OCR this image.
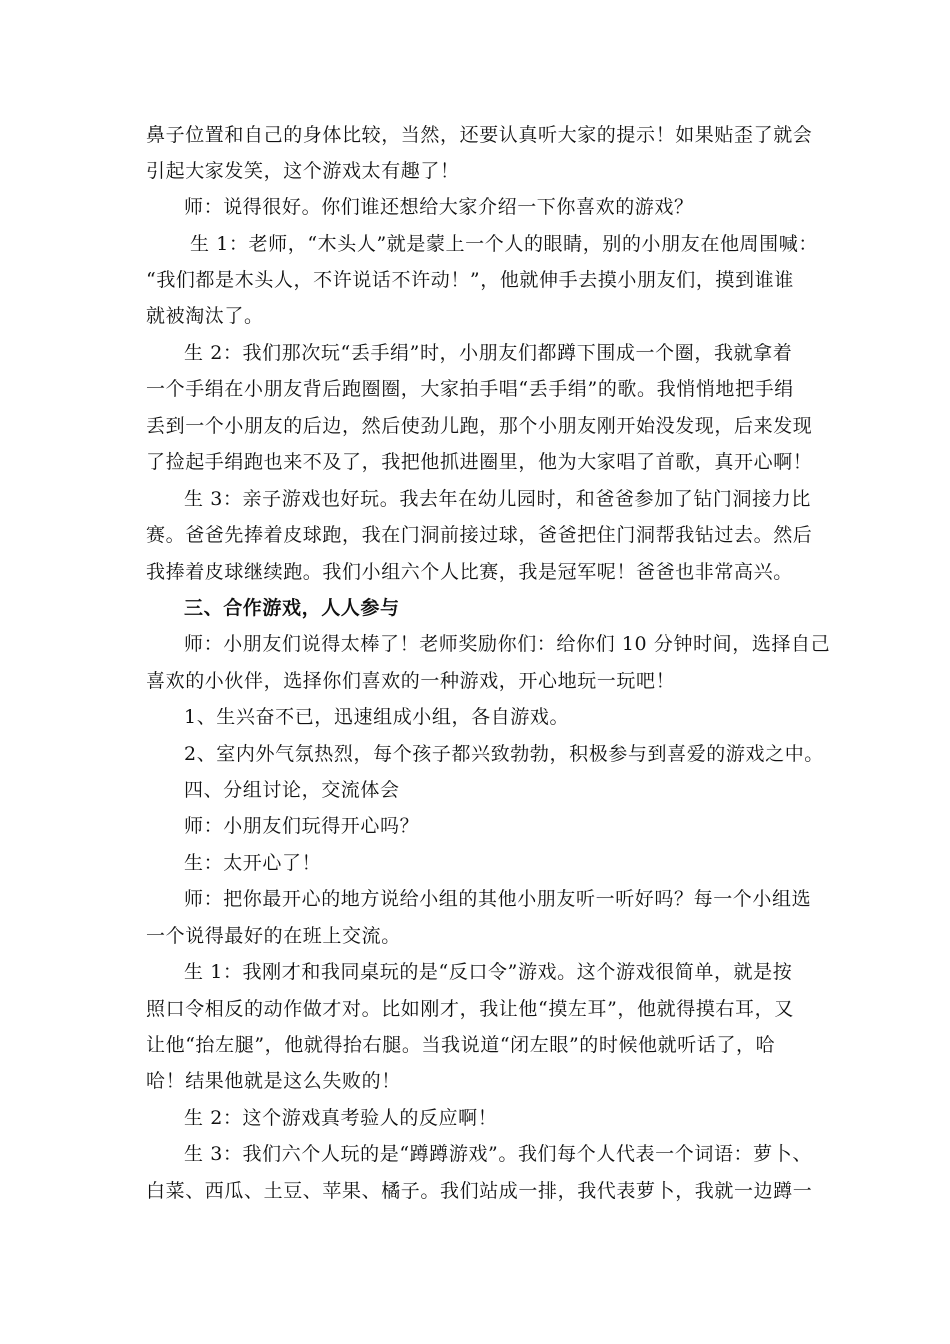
鼻子位置和自己的身体比较，当然，还要认真听大家的提示！如果贴歪了就会
引起大家发笑，这个游戏太有趣了！
师：说得很好。你们谁还想给大家介绍一下你喜欢的游戏？
生 1：老师，“木头人”就是蒙上一个人的眼睛，别的小朋友在他周围喊：
“我们都是木头人，不许说话不许动！”，他就伸手去摸小朋友们，摸到谁谁
就被淘汰了。
生 2：我们那次玩“丢手绢”时，小朋友们都蹲下围成一个圈，我就拿着
一个手绢在小朋友背后跑圈圈，大家拍手唱“丢手绢”的歌。我悄悄地把手绢
丢到一个小朋友的后边，然后使劲儿跑，那个小朋友刚开始没发现，后来发现
了捡起手绢跑也来不及了，我把他抓进圈里，他为大家唱了首歌，真开心啊！
生 3：亲子游戏也好玩。我去年在幼儿园时，和爸爸参加了钻门洞接力比
赛。爸爸先捧着皮球跑，我在门洞前接过球，爸爸把住门洞帮我钻过去。然后
我捧着皮球继续跑。我们小组六个人比赛，我是冠军呢！爸爸也非常高兴。
三、合作游戏，人人参与
师：小朋友们说得太棒了！老师奖励你们：给你们 10 分钟时间，选择自己
喜欢的小伙伴，选择你们喜欢的一种游戏，开心地玩一玩吧！
1、生兴奋不已，迅速组成小组，各自游戏。
2、室内外气氛热烈，每个孩子都兴致勃勃，积极参与到喜爱的游戏之中。
四、分组讨论，交流体会
师：小朋友们玩得开心吗？
生：太开心了！
师：把你最开心的地方说给小组的其他小朋友听一听好吗？每一个小组选
一个说得最好的在班上交流。
生 1：我刚才和我同桌玩的是“反口令”游戏。这个游戏很简单，就是按
照口令相反的动作做才对。比如刚才，我让他“摸左耳”，他就得摸右耳，又
让他“抬左腿”，他就得抬右腿。当我说道“闭左眼”的时候他就听话了，哈
哈！结果他就是这么失败的！
生 2：这个游戏真考验人的反应啊！
生 3：我们六个人玩的是“蹲蹲游戏”。我们每个人代表一个词语：萝卜、
白菜、西瓜、土豆、苹果、橘子。我们站成一排，我代表萝卜，我就一边蹲一
